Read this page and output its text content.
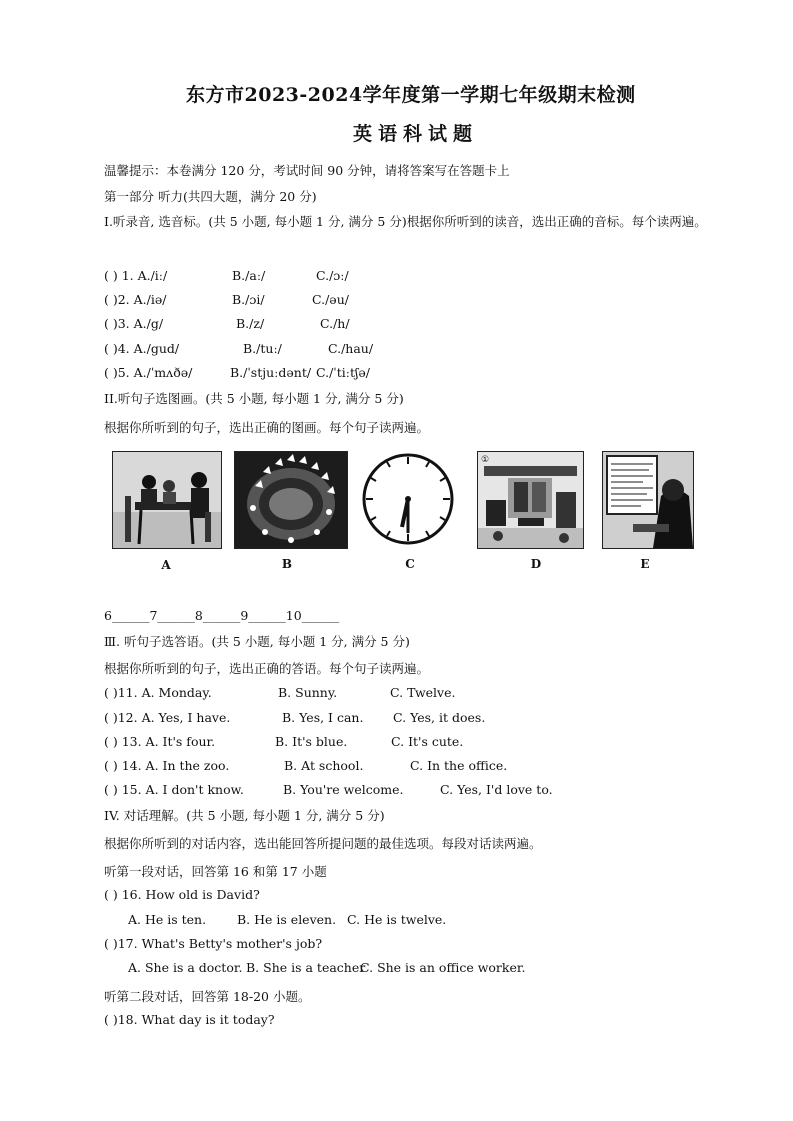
东方市2023-2024学年度第一学期七年级期末检测
英语科试题
温馨提示：本卷满分 120 分，考试时间 90 分钟，请将答案写在答题卡上
第一部分 听力(共四大题，满分 20 分)
I.听录音, 选音标。(共 5 小题, 每小题 1 分, 满分 5 分)根据你所听到的读音，选出正确的音标。每个读两遍。
( ) 1. A./iː/	B./aː/	C./ɔː/
( )2. A./iə/	B./ɔi/	C./əu/
( )3. A./g/	B./z/	C./h/
( )4. A./gud/	B./tuː/	C./hau/
( )5. A./ˈmʌðə/	B./ˈstjuːdənt/ C./ˈtiːtʃə/
II.听句子选图画。(共 5 小题, 每小题 1 分, 满分 5 分)
根据你所听到的句子，选出正确的图画。每个句子读两遍。
①
A	B	C	D	E
6______7______8______9______10______
Ⅲ. 听句子选答语。(共 5 小题, 每小题 1 分, 满分 5 分)
根据你所听到的句子，选出正确的答语。每个句子读两遍。
( )11. A. Monday.	B. Sunny.	C. Twelve.
( )12. A. Yes, I have.	B. Yes, I can. C. Yes, it does.
( ) 13. A. It's four.	B. It's blue.	C. It's cute.
( ) 14. A. In the zoo.	B. At school.	C. In the office.
( ) 15. A. I don't know.	B. You're welcome.	C. Yes, I'd love to.
IV. 对话理解。(共 5 小题, 每小题 1 分, 满分 5 分)
根据你所听到的对话内容，选出能回答所提问题的最佳选项。每段对话读两遍。
听第一段对话，回答第 16 和第 17 小题
( ) 16. How old is David?
A. He is ten. B. He is eleven. C. He is twelve.
( )17. What's Betty's mother's job?
A. She is a doctor. B. She is a teacher
C. She is an office worker.
听第二段对话，回答第 18-20 小题。
( )18. What day is it today?
